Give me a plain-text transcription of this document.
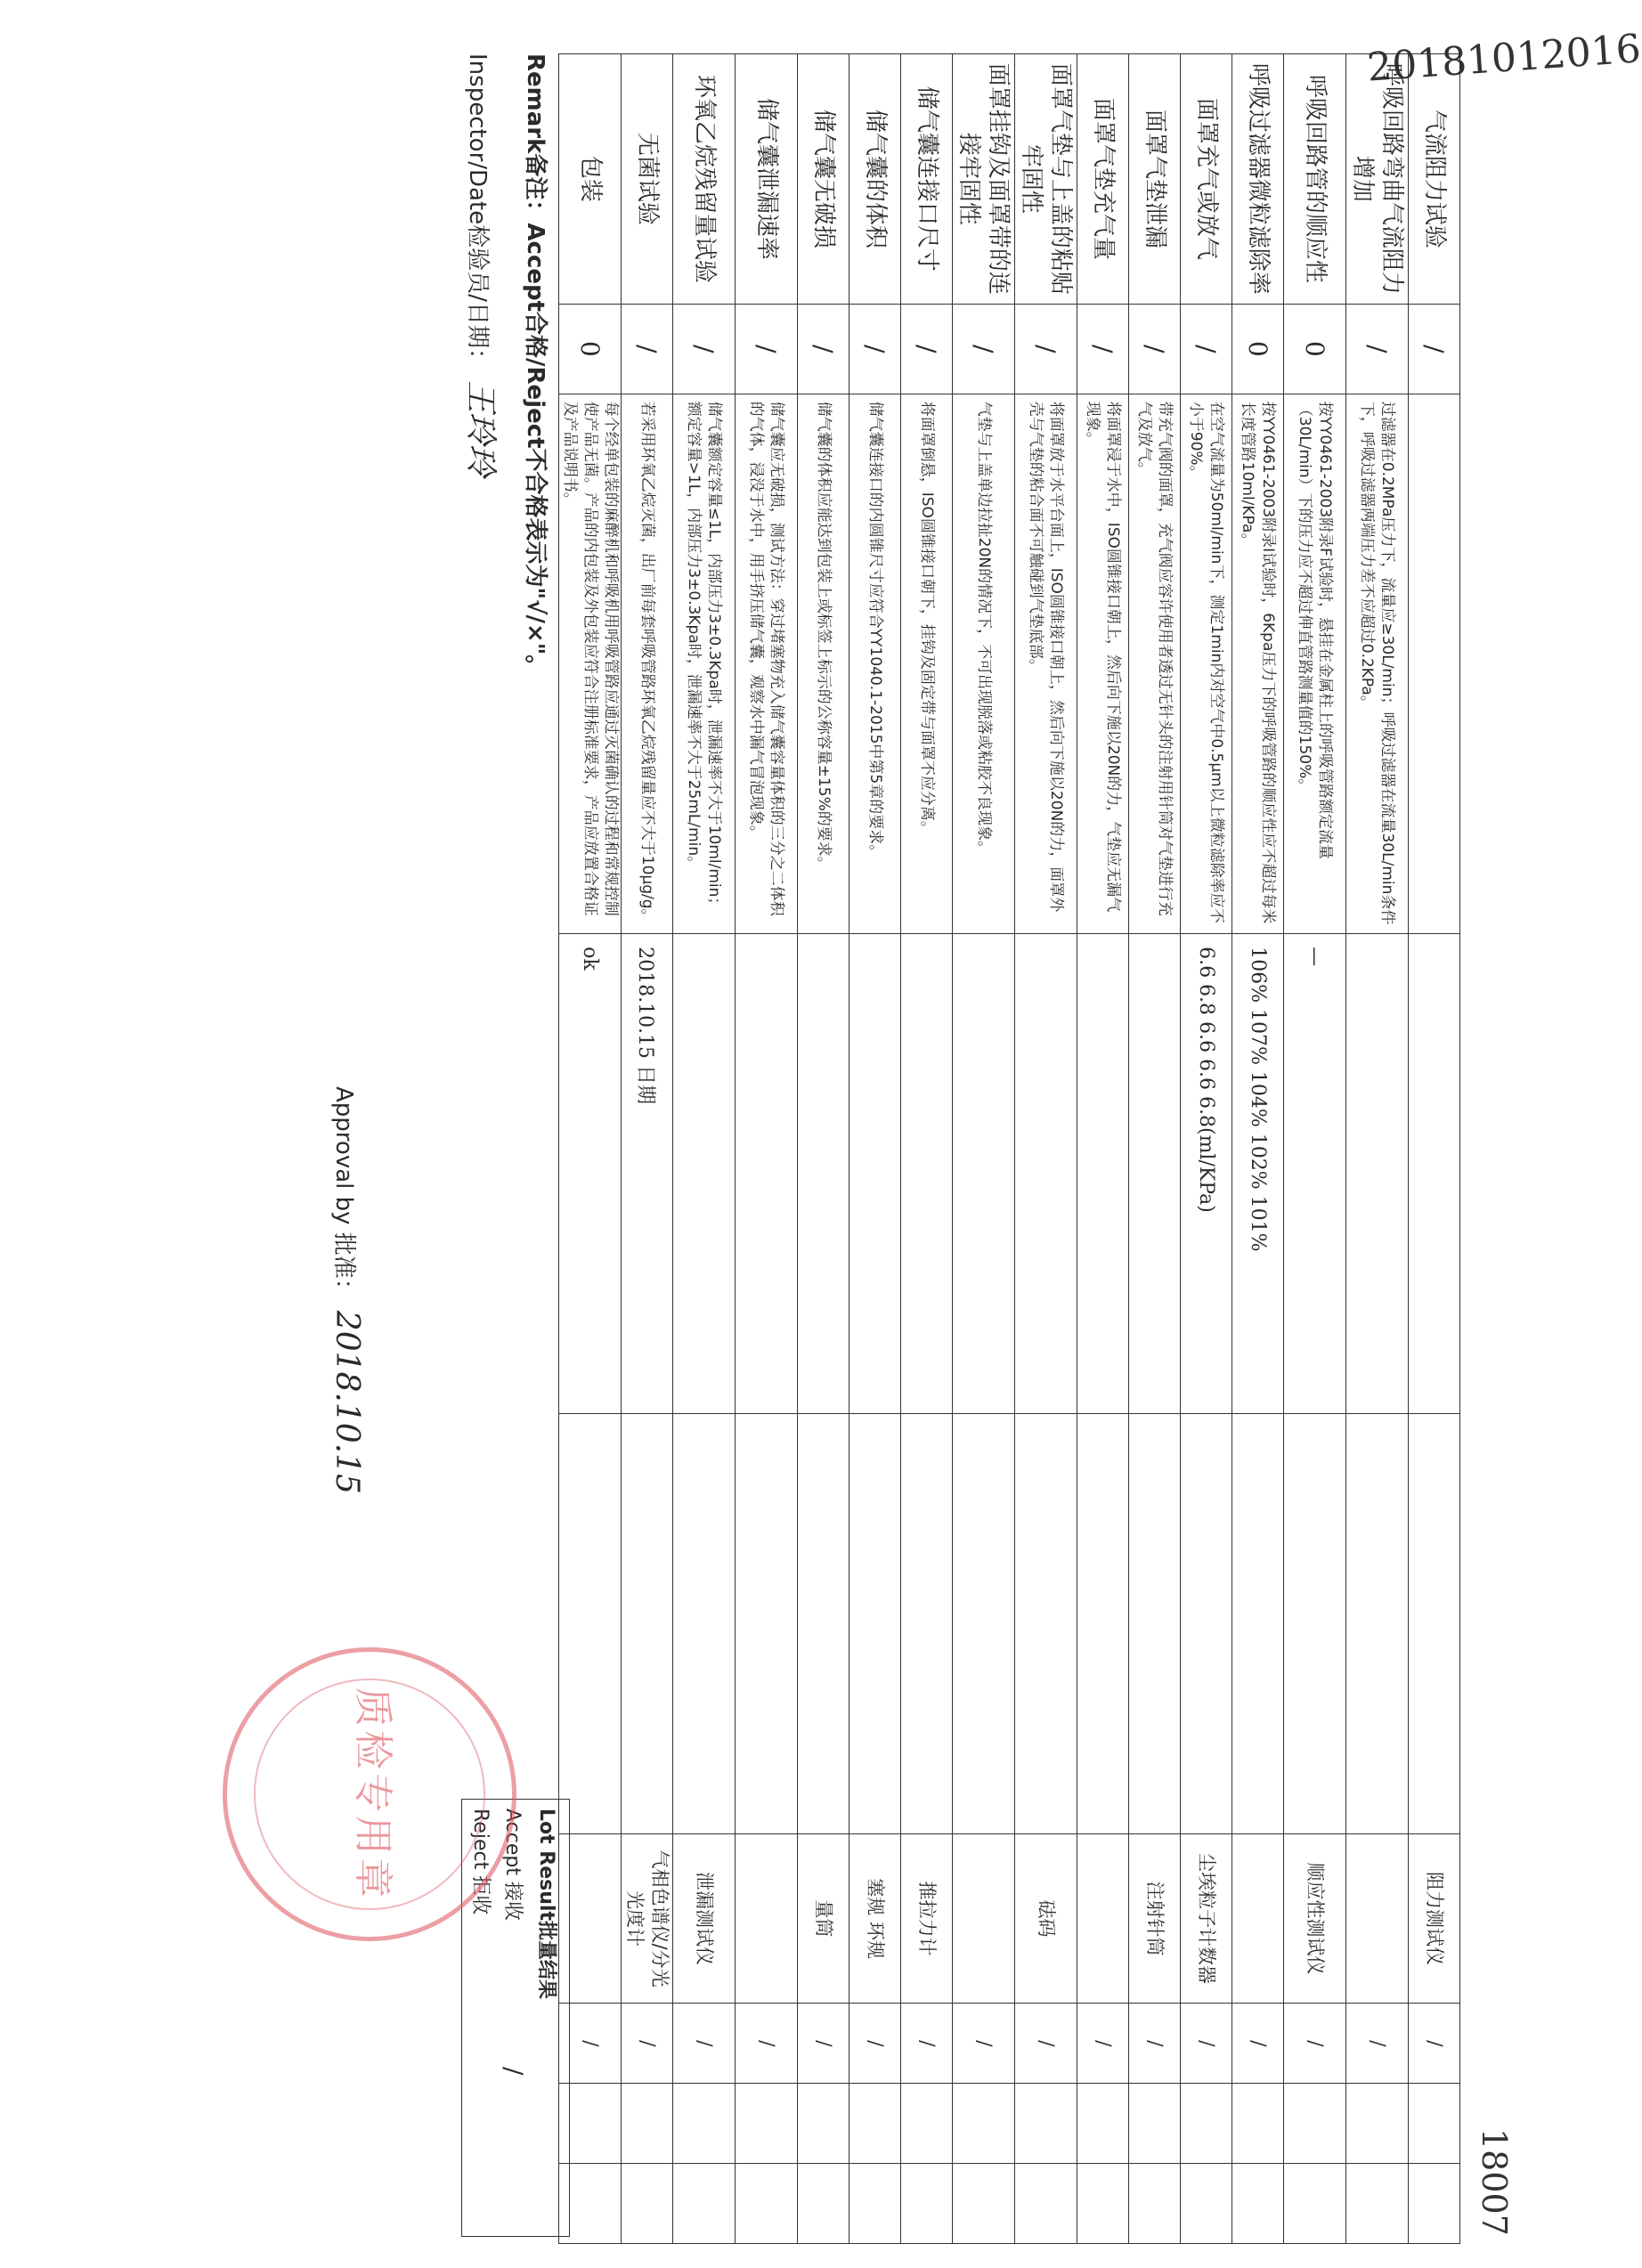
20181012016
18007
气流阻力试验	/				阻力测试仪	/		
呼吸回路弯曲气流阻力增加	/	过滤器在0.2MPa压力下，流量应≥30L/min；呼吸过滤器在流量30L/min条件下，呼吸过滤器两端压力差不应超过0.2KPa。				/		
呼吸回路管的顺应性	0	按YY0461-2003附录F试验时，悬挂在金属柱上的呼吸管路额定流量（30L/min）下的压力应不超过伸直管路测量值的150%。	—		顺应性测试仪	/		
呼吸过滤器微粒滤除率	0	按YY0461-2003附录I试验时，6Kpa压力下的呼吸管路的顺应性应不超过每米长度管路10ml/KPa。	106% 107% 104% 102% 101%			/		
面罩充气或放气	/	在空气流量为50ml/min下，测定1min内对空气中0.5μm以上微粒滤除率应不小于90%。	6.6 6.8 6.6 6.6 6.8(ml/KPa)		尘埃粒子计数器	/		
面罩气垫泄漏	/	带充气阀的面罩，充气阀应容许使用者透过无针头的注射用针筒对气垫进行充气及放气。			注射针筒	/		
面罩气垫充气量	/	将面罩浸于水中，ISO圆锥接口朝上，然后向下施以20N的力，气垫应无漏气现象。				/		
面罩气垫与上盖的粘贴牢固性	/	将面罩放于水平台面上，ISO圆锥接口朝上，然后向下施以20N的力，面罩外壳与气垫的粘合面不可触碰到气垫底部。			砝码	/		
面罩挂钩及面罩带的连接牢固性	/	气垫与上盖单边拉扯20N的情况下，不可出现脱落或粘胶不良现象。				/		
储气囊连接口尺寸	/	将面罩倒悬，ISO圆锥接口朝下，挂钩及固定带与面罩不应分离。			推拉力计	/		
储气囊的体积	/	储气囊连接口的内圆锥尺寸应符合YY1040.1-2015中第5章的要求。			塞规 环规	/		
储气囊无破损	/	储气囊的体积应能达到包装上或标签上标示的公称容量±15%的要求。			量筒	/		
储气囊泄漏速率	/	储气囊应无破损，测试方法：穿过堵塞物充入储气囊容量体积的三分之二体积的气体，浸没于水中，用手挤压储气囊，观察水中漏气冒泡现象。				/		
环氧乙烷残留量试验	/	储气囊额定容量≤1L，内部压力3±0.3Kpa时，泄漏速率不大于10ml/min；额定容量>1L，内部压力3±0.3Kpa时，泄漏速率不大于25mL/min。			泄漏测试仪	/		
无菌试验	/	若采用环氧乙烷灭菌，出厂前每套呼吸管路环氧乙烷残留量应不大于10μg/g。	2018.10.15 日期		气相色谱仪/分光光度计	/		
包装	0	每个经单包装的麻醉机和呼吸机用呼吸管路应通过灭菌确认的过程和常规控制使产品无菌。产品的内包装及外包装应符合注册标准要求，产品应放置合格证及产品说明书。	ok			/		
Remark备注：Accept合格/Reject不合格表示为"√/×"。
Inspector/Date检验员/日期：王玲玲
Approval by 批准：2018.10.15
Lot Result批量结果
Accept 接收
Reject 拒收
/
质检专用章
